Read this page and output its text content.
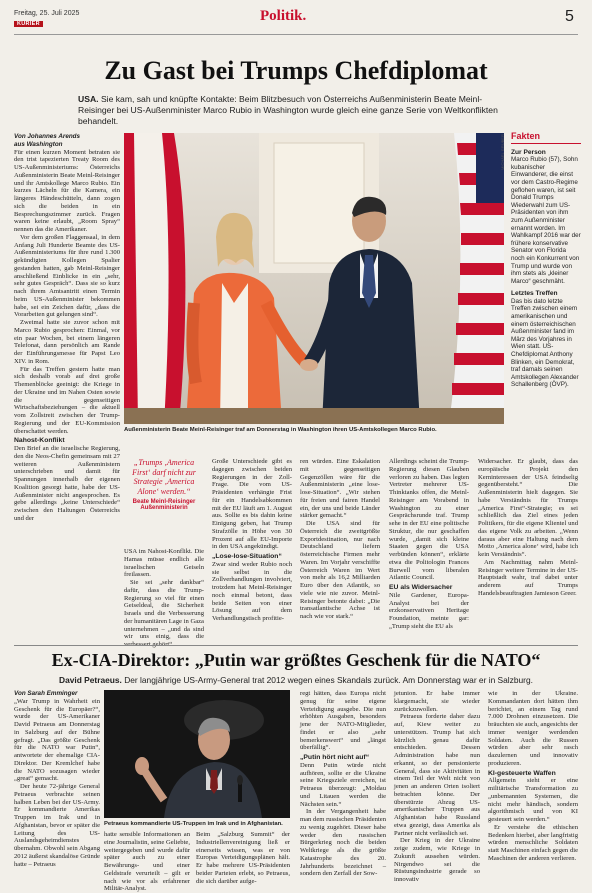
Freitag, 25. Juli 2025
KURIER	Politik.	5
Zu Gast bei Trumps Chefdiplomat
USA. Sie kam, sah und knüpfte Kontakte: Beim Blitzbesuch von Österreichs Außenministerin Beate Meinl-Reisinger bei US-Außenminister Marco Rubio in Washington wurde gleich eine ganze Serie von Weltkonflikten behandelt.
Von Johannes Arends
aus Washington

Für einen kurzen Moment betraten sie den trist tapezierten Treaty Room des US-Außenministeriums: Österreichs Außenministerin Beate Meinl-Reisinger und ihr Amtskollege Marco Rubio. Ein kurzes Lächeln für die Kamera, ein längeres Händeschütteln, dann zogen sich die beiden in ein Besprechungszimmer zurück. Fragen waren keine erlaubt, „Room Spray“ nennen das die Amerikaner.

Vor dem großen Flaggensaal, in dem Anfang Juli Hunderte Beamte des US-Außenministeriums für ihre rund 1.300 gekündigten Kollegen Spalier gestanden hatten, gab Meinl-Reisinger anschließend Einblicke in ein „sehr, sehr gutes Gespräch“. Dass sie so kurz nach ihrem Amtsantritt einen Termin beim US-Außenminister bekommen habe, sei ein Zeichen dafür, „dass die Vorarbeiten gut gelungen sind“.

Zweimal hatte sie zuvor schon mit Marco Rubio gesprochen: Einmal, vor ein paar Wochen, bei einem längeren Telefonat, dann persönlich am Rande der Einführungsmesse für Papst Leo XIV. in Rom.

Für das Treffen gestern hatte man sich deshalb vorab auf drei große Themenblöcke geeinigt: die Kriege in der Ukraine und im Nahen Osten sowie die gegenseitigen Wirtschaftsbeziehungen – die aktuell vom Zollstreit zwischen der Trump-Regierung und der EU-Kommission überschattet werden.

Nahost-Konflikt

Den Brief an die israelische Regierung, den die Neos-Chefin gemeinsam mit 27 weiteren Außenministern unterschrieben und damit für Spannungen innerhalb der eigenen Koalition gesorgt hatte, habe der US-Außenminister nicht angesprochen. Es gebe allerdings „keine Unterschiede“ zwischen den Haltungen Österreichs und der

MICHAEL GRUBER
Außenministerin Beate Meinl-Reisinger traf am Donnerstag in Washington ihren US-Amtskollegen Marco Rubio.
Fakten
Zur Person
Marco Rubio (57), Sohn kubanischer Einwanderer, die einst vor dem Castro-Regime geflohen waren, ist seit Donald Trumps Wiederwahl zum US-Präsidenten von ihm zum Außenminister ernannt worden. Im Wahlkampf 2016 war der frühere konservative Senator von Florida noch ein Konkurrent von Trump und wurde von ihm stets als „kleiner Marco“ geschmäht.
Letztes Treffen
Das bis dato letzte Treffen zwischen einem amerikanischen und einem österreichischen Außenminister fand im März des Vorjahres in Wien statt. US-Chefdiplomat Anthony Blinken, ein Demokrat, traf damals seinen Amtskollegen Alexander Schallenberg (ÖVP).
„Trumps ‚America First‘ darf nicht zur Strategie ‚America Alone‘ werden.“
Beate Meinl-Reisinger
Außenministerin

USA im Nahost-Konflikt. Die Hamas müsse endlich alle israelischen Geiseln freilassen.

Sie sei „sehr dankbar“ dafür, dass die Trump-Regierung so viel für einen Geiseldeal, die Sicherheit Israels und die Verbesserung der humanitären Lage in Gaza unternehmen – „und da sind wir uns einig, dass die

Große Unterschiede gibt es dagegen zwischen beiden Regierungen in der Zoll-Frage. Die vom US-Präsidenten verhängte Frist für ein Handelsabkommen mit der EU läuft am 1. August aus. Sollte es bis dahin keine Einigung geben, hat Trump Strafzölle in Höhe von 30 Prozent auf alle EU-Importe in den USA angekündigt.

„Lose-lose-Situation“

Zwar sind weder Rubio noch sie selbst in die Zollverhandlungen involviert, trotzdem hat Meinl-Reisinger noch einmal betont, dass beide Seiten von einer Lösung auf dem Verhandlungstisch profitie-

ren würden. Eine Eskalation mit gegenseitigen Gegenzöllen wäre für die Außenministerin „eine lose-lose-Situation“. „Wir stehen für freien und fairen Handel ein, der uns und beide Länder stärker gemacht.“

Die USA sind für Österreich die zweitgrößte Exportdestination, nur nach Deutschland liefern österreichische Firmen mehr Waren. Im Vorjahr verschiffte Österreich Waren im Wert von mehr als 16,2 Milliarden Euro über den Atlantik, so viele wie nie zuvor. Meinl-Reisinger betonte dabei: „Die transatlantische Achse ist nach wie vor stark.“

Allerdings scheint die Trump-Regierung diesen Glauben verloren zu haben. Das legten Vertreter mehrerer US-Thinktanks offen, die Meinl-Reisinger am Vorabend in Washington zu einer Gesprächsrunde traf. Trump sehe in der EU eine politische Struktur, die nur geschaffen wurde, „damit sich kleine Staaten gegen die USA verbünden können“, erklärte etwa die Politologin Frances Burwell vom liberalen Atlantic Council.

EU als Widersacher

Nile Gardener, Europa-Analyst bei der erzkonservativen Heritage Foundation, meinte gar: „Trump sieht die EU als

Widersacher. Er glaubt, dass das europäische Projekt den Kerninteressen der USA feindselig gegenübersteht.“ Die Außenministerin hielt dagegen. Sie habe Verständnis für Trumps „America First“-Strategie; es sei schließlich das Ziel eines jeden Politikers, für die eigene Klientel und das eigene Volk zu arbeiten. „Wenn daraus aber eine Haltung nach dem Motto ‚America alone‘ wird, habe ich kein Verständnis“.

Am Nachmittag nahm Meinl-Reisinger weitere Termine in der US-Hauptstadt wahr, traf dabei unter anderem auf Trumps Handelsbeauftragten Jamieson Greer.

Ex-CIA-Direktor: „Putin war größtes Geschenk für die NATO“
David Petraeus. Der langjährige US-Army-General trat 2012 wegen eines Skandals zurück. Am Donnerstag war er in Salzburg.
Von Sarah Emminger

„War Trump in Wahrheit ein Geschenk für die Europäer?“, wurde der US-Amerikaner David Petraeus am Donnerstag in Salzburg auf der Bühne gefragt. „Das größte Geschenk für die NATO war Putin“, antwortete der ehemalige CIA-Direktor. Der Kremlchef habe die NATO sozusagen wieder „great“ gemacht.

Der heute 72-jährige General Petraeus verbrachte seinen halben Leben bei der US-Army. Er kommandierte Amerikas Truppen im Irak und in Afghanistan, bevor er später die Leitung des US-Auslandsgeheimdienstes übernahm. Obwohl sein Abgang 2012 äußerst skandalöse Gründe hatte – Petraeus

Petraeus kommandierte US-Truppen im Irak und in Afghanistan.

hatte sensible Informationen an eine Journalistin, seine Geliebte, weitergegeben und wurde dafür später auch zu einer Bewährungs- und einer Geldstrafe verurteilt – gilt er nach wie vor als erfahrener Militär-Analyst.

Beim „Salzburg Summit“ der Industriellenvereinigung ließ er einerseits wissen, was er von Europas Verteidigungsplänen hält. Er habe mehrere US-Präsidenten beider Parteien erlebt, so Petraeus, die sich darüber aufge-

regt hätten, dass Europa nicht genug für seine eigene Verteidigung ausgebe. Die nun erhöhten Ausgaben, besonders jene der NATO-Mitglieder, findet er also „sehr bemerkenswert“ und „längst überfällig“.

„Putin hört nicht auf“

Denn Putin würde nicht aufhören, sollte er die Ukraine seine Kriegsziele erreichen, ist Petraeus überzeugt: „Moldau und Litauen werden die Nächsten sein.“

In der Vergangenheit habe man dem russischen Präsidenten zu wenig zugehört. Dieser habe weder den russischen Bürgerkrieg noch die beiden Weltkriege als die größte Katastrophe des 20. Jahrhunderts bezeichnet – sondern den Zerfall der Sow-

jetunion. Er habe immer klargemacht, sie wieder zurückzuwollen.

Petraeus forderte daher dazu auf, Kiew weiter zu unterstützen. Trump hat sich kürzlich genau dafür entschieden. Dessen Administration habe nun erkannt, so der pensionierte General, dass sie Aktivitäten in einem Teil der Welt nicht von jenen an anderen Orten isoliert betrachten könne. Der überstürzte Abzug US-amerikanischer Truppen aus Afghanistan habe Russland etwa gezeigt, dass Amerika als Partner nicht verlässlich sei.

Der Krieg in der Ukraine zeige zudem, wie Kriege in Zukunft aussehen würden. Nirgendwo sei die Rüstungsindustrie gerade so innovativ

wie in der Ukraine. Kommandanten dort hätten ihm berichtet, an einem Tag rund 7.000 Drohnen einzusetzen. Die bräuchten sie auch, angesichts der immer weniger werdenden Soldaten. Auch die Russen würden aber sehr rasch dazulernen und innovativ produzieren.

KI-gesteuerte Waffen

Allgemein sieht er eine militärische Transformation zu „unbemannten Systemen, die nicht mehr händisch, sondern algorithmisch und von KI gesteuert sein werden.“

Er verstehe die ethischen Bedenken hierbei, aber langfristig würden menschliche Soldaten statt Maschinen einfach gegen die Maschinen der anderen verlieren.
